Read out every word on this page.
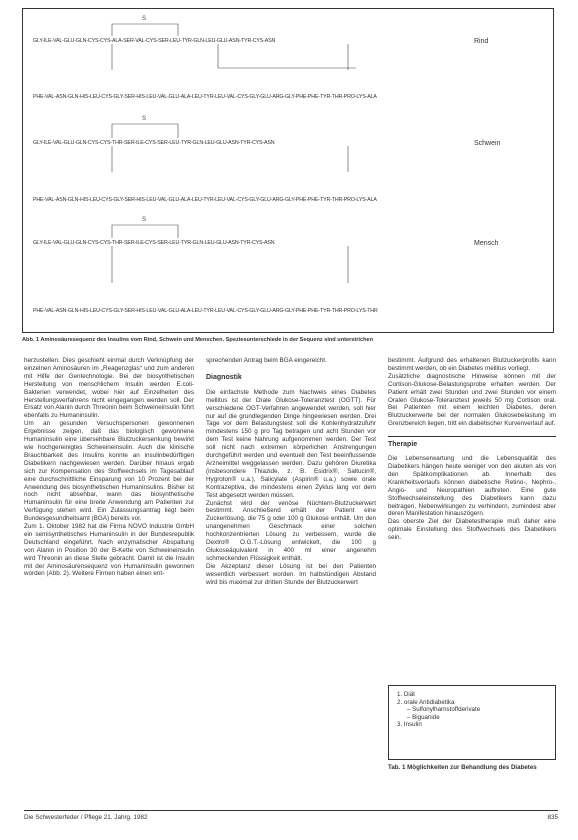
S
S
S
GLY-ILE-VAL-GLU-GLN-CYS-CYS-ALA-SER-VAL-CYS-SER-LEU-TYR-GLN-LEU-GLU-ASN-TYR-CYS-ASN	Rind
PHE-VAL-ASN-GLN-HIS-LEU-CYS-GLY-SER-HIS-LEU-VAL-GLU-ALA-LEU-TYR-LEU-VAL-CYS-GLY-GLU-ARG-GLY-PHE-PHE-TYR-THR-PRO-LYS-ALA
GLY-ILE-VAL-GLU-GLN-CYS-CYS-THR-SER-ILE-CYS-SER-LEU-TYR-GLN-LEU-GLU-ASN-TYR-CYS-ASN	Schwein
PHE-VAL-ASN-GLN-HIS-LEU-CYS-GLY-SER-HIS-LEU-VAL-GLU-ALA-LEU-TYR-LEU-VAL-CYS-GLY-GLU-ARG-GLY-PHE-PHE-TYR-THR-PRO-LYS-ALA
GLY-ILE-VAL-GLU-GLN-CYS-CYS-THR-SER-ILE-CYS-SER-LEU-TYR-GLN-LEU-GLU-ASN-TYR-CYS-ASN	Mensch
PHE-VAL-ASN-GLN-HIS-LEU-CYS-GLY-SER-HIS-LEU-VAL-GLU-ALA-LEU-TYR-LEU-VAL-CYS-GLY-GLU-ARG-GLY-PHE-PHE-TYR-THR-PRO-LYS-THR
Abb. 1 Aminosäuresequenz des Insulins vom Rind, Schwein und Menschen. Speziesunterschiede in der Sequenz sind unterstrichen

herzustellen. Dies geschieht einmal durch Verknüpfung der einzelnen Aminosäuren im „Reagenzglas“ und zum anderen mit Hilfe der Gentechnologie. Bei der biosynthetischen Herstellung von menschlichem Insulin werden E.coli-Bakterien verwendet, wobei hier auf Einzelheiten des Herstellungsverfahrens nicht eingegangen werden soll. Der Ersatz von Alanin durch Threonin beim Schweineinsulin führt ebenfalls zu Humaninsulin.

Um an gesunden Versuchspersonen gewonnenen Ergebnisse zeigen, daß das biologisch gewonnene Humaninsulin eine übersehbare Blutzuckersenkung bewirkt wie hochgereinigtes Schweineinsulin. Auch die klinische Brauchbarkeit des Insulins konnte an insulinbedürftigen Diabetikern nachgewiesen werden. Darüber hinaus ergab sich zur Kompensation des Stoffwechsels im Tagesablauf eine durchschnittliche Einsparung von 10 Prozent bei der Anwendung des biosynthetischen Humaninsulins. Bisher ist noch nicht absehbar, wann das biosynthetische Humaninsulin für eine breite Anwendung am Patienten zur Verfügung stehen wird. Ein Zulassungsantrag liegt beim Bundesgesundheitsamt (BGA) bereits vor.

Zum 1. Oktober 1982 hat die Firma NOVO Industrie GmbH ein semisynthetisches Humaninsulin in der Bundesrepublik Deutschland eingeführt. Nach enzymatischer Abspaltung von Alanin in Position 30 der B-Kette von Schweineinsulin wird Threonin an diese Stelle gebracht. Damit ist die Insulin mit der Aminosäurensequenz von Humaninsulin gewonnen worden (Abb. 2). Weitere Firmen haben einen ent-

sprechenden Antrag beim BGA eingereicht.

Diagnostik

Die einfachste Methode zum Nachweis eines Diabetes mellitus ist der Orale Glukose-Toleranztest (OGTT). Für verschiedene OGT-Verfahren angewendet werden, soll hier nur auf die grundlegenden Dinge hingewiesen werden. Drei Tage vor dem Belastungstest soll die Kohlenhydratzufuhr mindestens 150 g pro Tag betragen und acht Stunden vor dem Test keine Nahrung aufgenommen werden. Der Test soll nicht nach extremen körperlichen Anstrengungen durchgeführt werden und eventuell den Test beeinflussende Arzneimittel weggelassen werden. Dazu gehören Diuretika (insbesondere Thiazide, z. B. Esidrix®, Saltucin®, Hygroton® u.a.), Salicylate (Aspirin® u.a.) sowie orale Kontrazeptiva, die mindestens einen Zyklus lang vor dem Test abgesetzt werden müssen.

Zunächst wird der venöse Nüchtern-Blutzuckerwert bestimmt. Anschließend erhält der Patient eine Zuckerlösung, die 75 g oder 100 g Glukose enthält. Um den unangenehmen Geschmack einer solchen hochkonzentrierten Lösung zu verbessern, wurde die Dextro® O.G.T.-Lösung entwickelt, die 100 g Glukoseäquivalent in 400 ml einer angenehm schmeckenden Flüssigkeit enthält.

Die Akzeptanz dieser Lösung ist bei den Patienten wesentlich verbessert worden. Im halbstündigen Abstand wird bis maximal zur dritten Stunde der Blutzuckerwert

bestimmt. Aufgrund des erhaltenen Blutzuckerprofils kann bestimmt werden, ob ein Diabetes mellitus vorliegt.

Zusätzliche diagnostische Hinweise können mit der Cortison-Glukose-Belastungsprobe erhalten werden. Der Patient erhält zwei Stunden und zwei Stunden vor einem Oralen Glukose-Toleranztest jeweils 50 mg Cortison oral. Bei Patienten mit einem leichten Diabetes, deren Blutzuckerwerte bei der normalen Glukosebelastung im Grenzbereich liegen, tritt ein diabetischer Kurvenverlauf auf.

Therapie

Die Lebenserwartung und die Lebensqualität des Diabetikers hängen heute weniger von den akuten als von den Spätkomplikationen ab. Innerhalb des Krankheitsverlaufs können diabetische Retino-, Nephro-, Angio- und Neuropathien auftreten. Eine gute Stoffwechseleinstellung des Diabetikers kann dazu beitragen, Nebenwirkungen zu verhindern, zumindest aber deren Manifestation hinauszögern.

Das oberste Ziel der Diabetestherapie muß daher eine optimale Einstellung des Stoffwechsels des Diabetikers sein.

1. Diät
2. orale Antidiabetika
– Sulfonylharnstoffderivate
– Biguanide
3. Insulin
Tab. 1 Möglichkeiten zur Behandlung des Diabetes
Die Schwesterfeder / Pflege 21. Jahrg. 1982	835
